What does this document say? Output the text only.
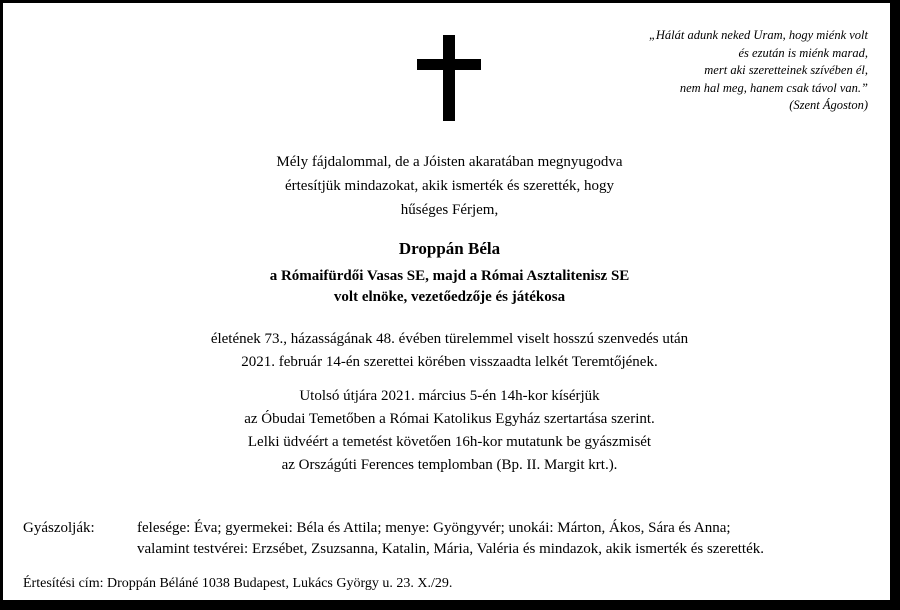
„Hálát adunk neked Uram, hogy miénk volt
és ezután is miénk marad,
mert aki szeretteinek szívében él,
nem hal meg, hanem csak távol van.”
(Szent Ágoston)
Mély fájdalommal, de a Jóisten akaratában megnyugodva
értesítjük mindazokat, akik ismerték és szerették, hogy
hűséges Férjem,
Droppán Béla
a Rómaifürdői Vasas SE, majd a Római Asztalitenisz SE
volt elnöke, vezetőedzője és játékosa
életének 73., házasságának 48. évében türelemmel viselt hosszú szenvedés után
2021. február 14-én szerettei körében visszaadta lelkét Teremtőjének.
Utolsó útjára 2021. március 5-én 14h-kor kísérjük
az Óbudai Temetőben a Római Katolikus Egyház szertartása szerint.
Lelki üdvéért a temetést követően 16h-kor mutatunk be gyászmisét
az Országúti Ferences templomban (Bp. II. Margit krt.).
Gyászolják:	felesége: Éva; gyermekei: Béla és Attila; menye: Gyöngyvér; unokái: Márton, Ákos, Sára és Anna;
valamint testvérei: Erzsébet, Zsuzsanna, Katalin, Mária, Valéria és mindazok, akik ismerték és szerették.
Értesítési cím: Droppán Béláné 1038 Budapest, Lukács György u. 23. X./29.
